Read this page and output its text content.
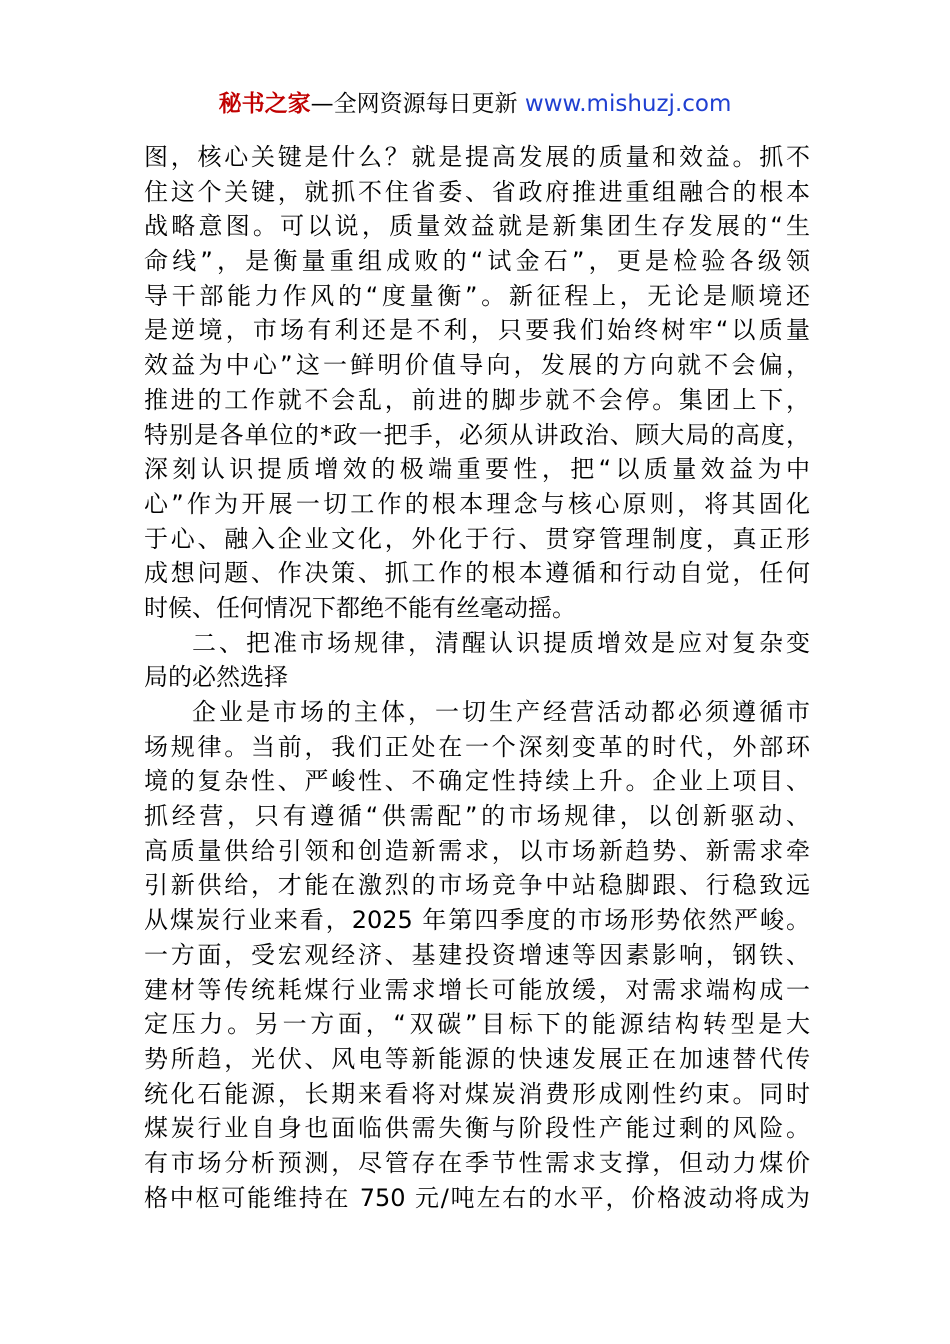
秘书之家—全网资源每日更新 www.mishuzj.com
图，核心关键是什么？就是提高发展的质量和效益。抓不
住这个关键，就抓不住省委、省政府推进重组融合的根本
战略意图。可以说，质量效益就是新集团生存发展的“生
命线”，是衡量重组成败的“试金石”，更是检验各级领
导干部能力作风的“度量衡”。新征程上，无论是顺境还
是逆境，市场有利还是不利，只要我们始终树牢“以质量
效益为中心”这一鲜明价值导向，发展的方向就不会偏，
推进的工作就不会乱，前进的脚步就不会停。集团上下，
特别是各单位的*政一把手，必须从讲政治、顾大局的高度，
深刻认识提质增效的极端重要性，把“以质量效益为中
心”作为开展一切工作的根本理念与核心原则，将其固化
于心、融入企业文化，外化于行、贯穿管理制度，真正形
成想问题、作决策、抓工作的根本遵循和行动自觉，任何
时候、任何情况下都绝不能有丝毫动摇。
二、把准市场规律，清醒认识提质增效是应对复杂变
局的必然选择
企业是市场的主体，一切生产经营活动都必须遵循市
场规律。当前，我们正处在一个深刻变革的时代，外部环
境的复杂性、严峻性、不确定性持续上升。企业上项目、
抓经营，只有遵循“供需配”的市场规律，以创新驱动、
高质量供给引领和创造新需求，以市场新趋势、新需求牵
引新供给，才能在激烈的市场竞争中站稳脚跟、行稳致远
从煤炭行业来看，2025 年第四季度的市场形势依然严峻。
一方面，受宏观经济、基建投资增速等因素影响，钢铁、
建材等传统耗煤行业需求增长可能放缓，对需求端构成一
定压力。另一方面，“双碳”目标下的能源结构转型是大
势所趋，光伏、风电等新能源的快速发展正在加速替代传
统化石能源，长期来看将对煤炭消费形成刚性约束。同时
煤炭行业自身也面临供需失衡与阶段性产能过剩的风险。
有市场分析预测，尽管存在季节性需求支撑，但动力煤价
格中枢可能维持在 750 元/吨左右的水平，价格波动将成为
